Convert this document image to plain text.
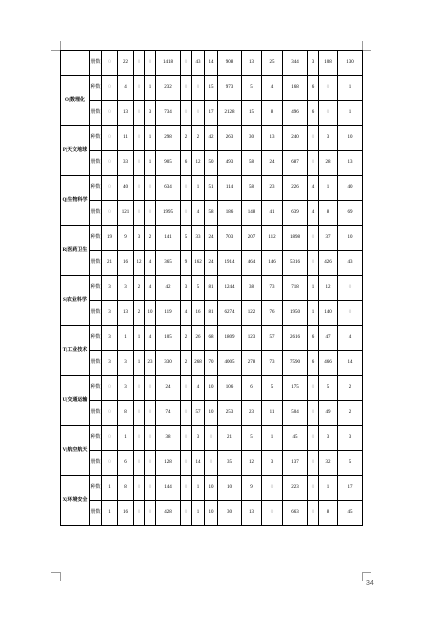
	册数	0	22	0	0	1418	0	43	14	908	13	25	344	3	108	130
O|数理化	种数	0	4	0	1	232	0	0	15	973	5	4	168	6	0	1
	册数	0	13	0	3	734	0	0	17	2128	15	8	496	6	0	1
P|天文地球	种数	0	11	0	1	298	2	2	42	263	30	13	240	0	3	10
	册数	0	33	0	1	905	6	12	50	493	58	24	687	0	28	13
Q|生物科学	种数	0	40	0	0	634	0	1	51	114	58	23	226	4	1	40
	册数	0	121	0	0	1995	0	4	58	186	148	41	639	4	8	69
R|医药卫生	种数	19	9	3	2	141	5	33	24	703	207	112	1898	0	37	10
	册数	21	16	12	4	365	9	162	24	1914	464	146	5316	0	426	43
S|农业科学	种数	3	3	2	4	42	3	5	81	1244	38	73	718	1	12	0
	册数	3	13	2	10	119	4	16	81	6274	122	76	1950	1	140	0
T|工业技术	种数	3	1	1	4	105	2	26	68	1809	123	57	2616	6	47	4
	册数	3	3	1	23	330	2	268	70	4005	278	73	7590	6	466	14
U|交通运输	种数	0	3	0	0	24	0	4	10	106	6	5	175	0	5	2
	册数	0	8	0	0	74	0	57	10	253	23	11	504	0	49	2
V|航空航天	种数	0	1	0	0	38	0	3	0	21	5	1	45	0	3	3
	册数	0	6	0	0	128	0	14	0	35	12	3	137	0	32	5
X|环境安全	种数	1	8	0	0	144	0	1	10	10	9	0	223	0	1	17
	册数	1	16	0	0	428	0	1	10	30	13	0	663	0	8	45
34
